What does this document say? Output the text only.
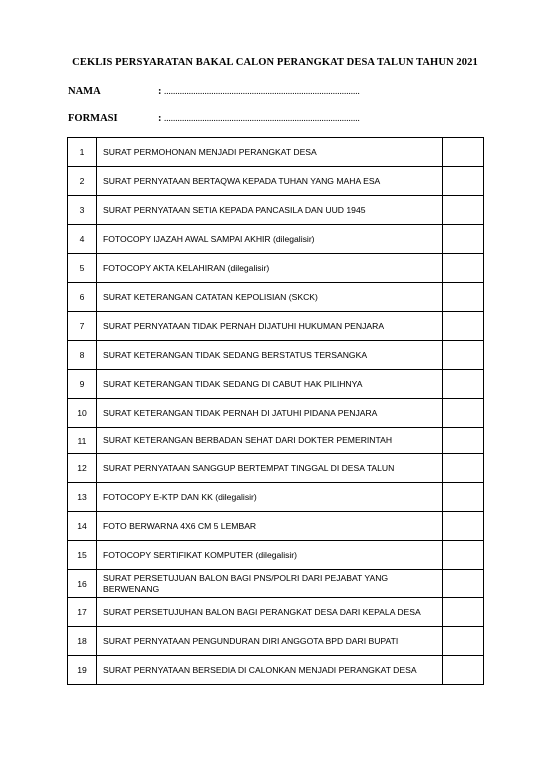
CEKLIS PERSYARATAN BAKAL CALON PERANGKAT DESA TALUN TAHUN 2021
NAMA	: .......................................................................................
FORMASI	: .......................................................................................
1	SURAT PERMOHONAN MENJADI PERANGKAT DESA	
2	SURAT PERNYATAAN BERTAQWA KEPADA TUHAN YANG MAHA ESA	
3	SURAT PERNYATAAN SETIA KEPADA PANCASILA DAN UUD 1945	
4	FOTOCOPY IJAZAH AWAL SAMPAI AKHIR (dilegalisir)	
5	FOTOCOPY AKTA KELAHIRAN (dilegalisir)	
6	SURAT KETERANGAN CATATAN KEPOLISIAN (SKCK)	
7	SURAT PERNYATAAN TIDAK PERNAH DIJATUHI HUKUMAN PENJARA	
8	SURAT KETERANGAN TIDAK SEDANG BERSTATUS TERSANGKA	
9	SURAT KETERANGAN TIDAK SEDANG DI CABUT HAK PILIHNYA	
10	SURAT KETERANGAN TIDAK PERNAH DI JATUHI PIDANA PENJARA	
11	SURAT KETERANGAN BERBADAN SEHAT DARI DOKTER PEMERINTAH	
12	SURAT PERNYATAAN SANGGUP BERTEMPAT TINGGAL DI DESA TALUN	
13	FOTOCOPY E-KTP DAN KK (dilegalisir)	
14	FOTO BERWARNA 4X6 CM 5 LEMBAR	
15	FOTOCOPY SERTIFIKAT KOMPUTER (dilegalisir)	
16	SURAT PERSETUJUAN BALON BAGI PNS/POLRI DARI PEJABAT YANG BERWENANG	
17	SURAT PERSETUJUHAN BALON BAGI PERANGKAT DESA DARI KEPALA DESA	
18	SURAT PERNYATAAN PENGUNDURAN DIRI ANGGOTA BPD DARI BUPATI	
19	SURAT PERNYATAAN BERSEDIA DI CALONKAN MENJADI PERANGKAT DESA	
